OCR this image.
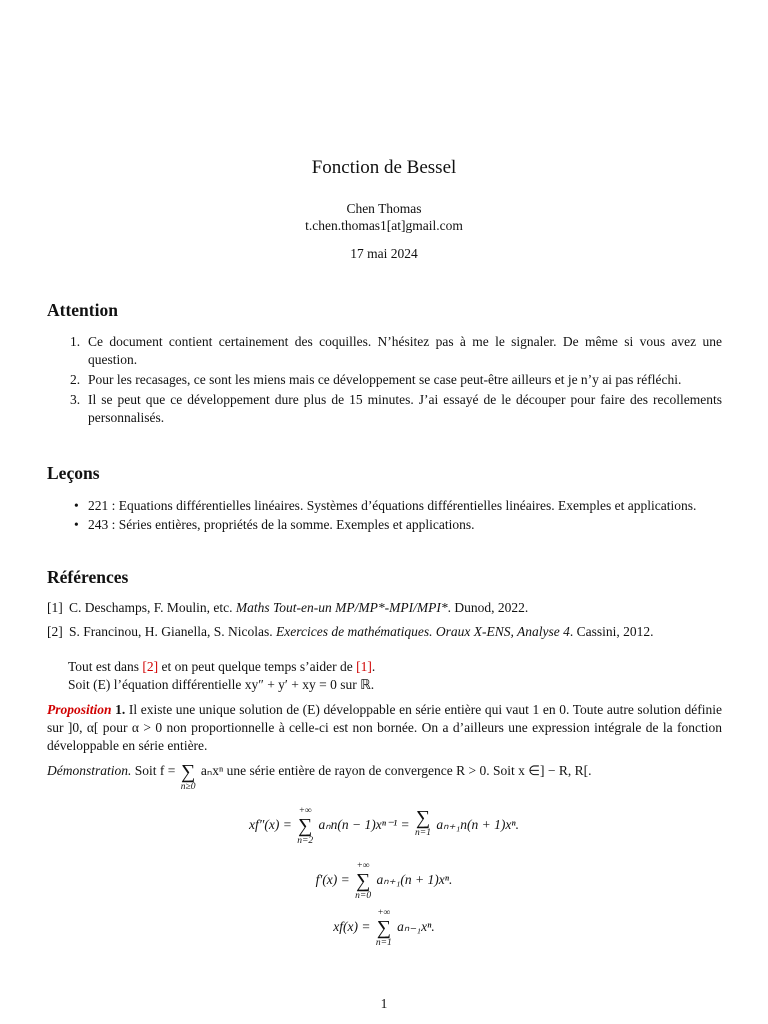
Fonction de Bessel
Chen Thomas
t.chen.thomas1[at]gmail.com
17 mai 2024
Attention
1. Ce document contient certainement des coquilles. N’hésitez pas à me le signaler. De même si vous avez une question.
2. Pour les recasages, ce sont les miens mais ce développement se case peut-être ailleurs et je n’y ai pas réfléchi.
3. Il se peut que ce développement dure plus de 15 minutes. J’ai essayé de le découper pour faire des recollements personnalisés.
Leçons
• 221 : Equations différentielles linéaires. Systèmes d’équations différentielles linéaires. Exemples et applications.
• 243 : Séries entières, propriétés de la somme. Exemples et applications.
Références
[1] C. Deschamps, F. Moulin, etc. Maths Tout-en-un MP/MP*-MPI/MPI*. Dunod, 2022.
[2] S. Francinou, H. Gianella, S. Nicolas. Exercices de mathématiques. Oraux X-ENS, Analyse 4. Cassini, 2012.
Tout est dans [2] et on peut quelque temps s’aider de [1].
Soit (E) l’équation différentielle xy″ + y′ + xy = 0 sur ℝ.
Proposition 1. Il existe une unique solution de (E) développable en série entière qui vaut 1 en 0. Toute autre solution définie sur ]0, α[ pour α > 0 non proportionnelle à celle-ci est non bornée. On a d’ailleurs une expression intégrale de la fonction développable en série entière.
Démonstration. Soit f = ∑
n≥0
aₙxⁿ une série entière de rayon de convergence R > 0. Soit x ∈] − R, R[.
xf″(x) =
+∞
∑
n=2
aₙn(n − 1)xⁿ⁻¹ = ∑
n=1
aₙ₊₁n(n + 1)xⁿ.
f′(x) =
+∞
∑
n=0
aₙ₊₁(n + 1)xⁿ.
xf(x) =
+∞
∑
n=1
aₙ₋₁xⁿ.
1
